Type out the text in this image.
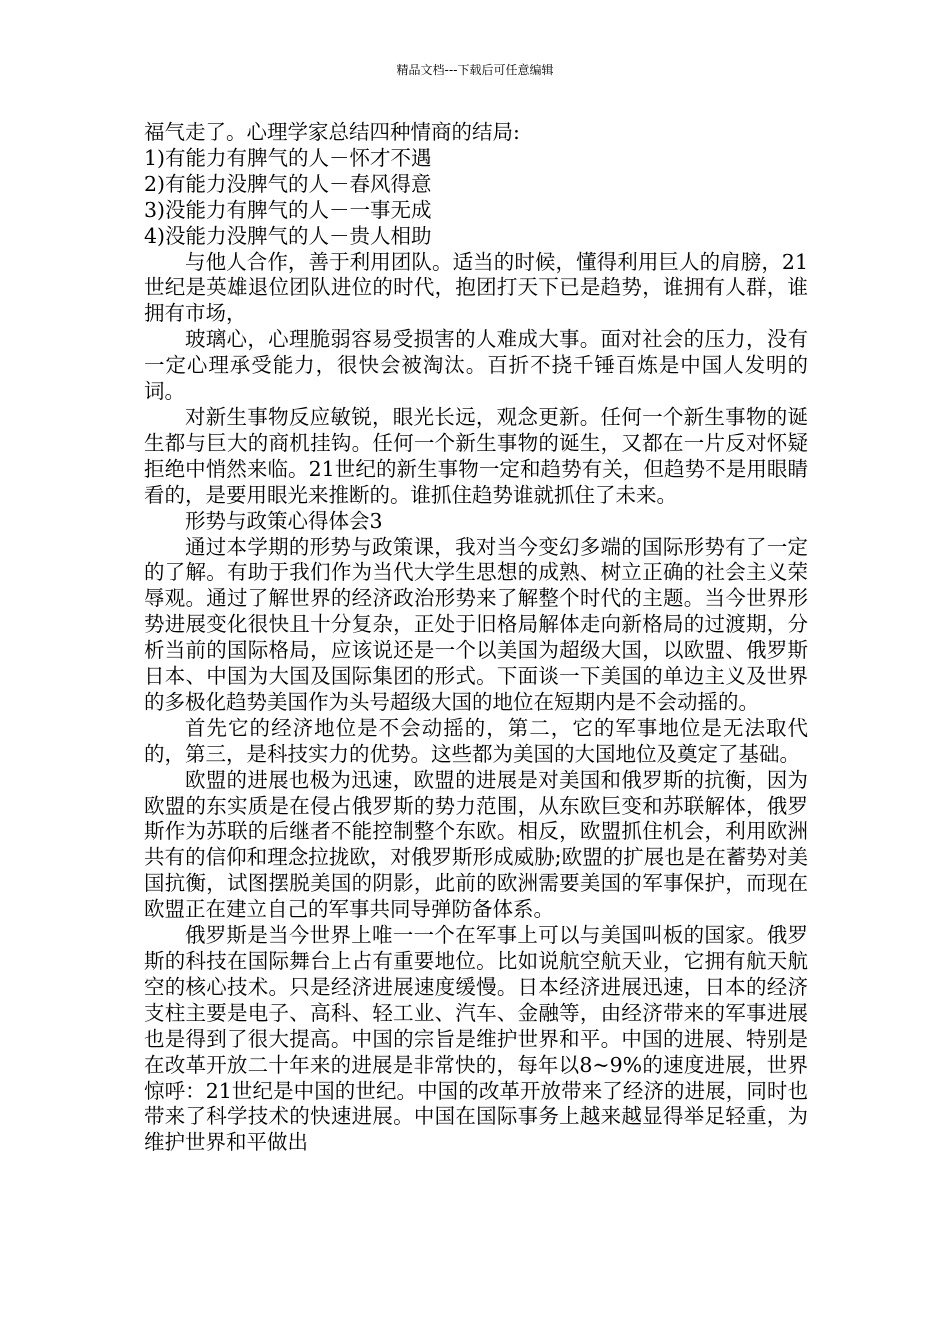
精品文档---下载后可任意编辑

福气走了。心理学家总结四种情商的结局:

1)有能力有脾气的人－怀才不遇

2)有能力没脾气的人－春风得意

3)没能力有脾气的人－一事无成

4)没能力没脾气的人－贵人相助

与他人合作，善于利用团队。适当的时候，懂得利用巨人的肩膀，21世纪是英雄退位团队进位的时代，抱团打天下已是趋势，谁拥有人群，谁拥有市场，

玻璃心，心理脆弱容易受损害的人难成大事。面对社会的压力，没有一定心理承受能力，很快会被淘汰。百折不挠千锤百炼是中国人发明的词。

对新生事物反应敏锐，眼光长远，观念更新。任何一个新生事物的诞生都与巨大的商机挂钩。任何一个新生事物的诞生，又都在一片反对怀疑拒绝中悄然来临。21世纪的新生事物一定和趋势有关，但趋势不是用眼睛看的，是要用眼光来推断的。谁抓住趋势谁就抓住了未来。

形势与政策心得体会3

通过本学期的形势与政策课，我对当今变幻多端的国际形势有了一定的了解。有助于我们作为当代大学生思想的成熟、树立正确的社会主义荣辱观。通过了解世界的经济政治形势来了解整个时代的主题。当今世界形势进展变化很快且十分复杂，正处于旧格局解体走向新格局的过渡期，分析当前的国际格局，应该说还是一个以美国为超级大国，以欧盟、俄罗斯日本、中国为大国及国际集团的形式。下面谈一下美国的单边主义及世界的多极化趋势美国作为头号超级大国的地位在短期内是不会动摇的。

首先它的经济地位是不会动摇的，第二，它的军事地位是无法取代的，第三，是科技实力的优势。这些都为美国的大国地位及奠定了基础。

欧盟的进展也极为迅速，欧盟的进展是对美国和俄罗斯的抗衡，因为欧盟的东实质是在侵占俄罗斯的势力范围，从东欧巨变和苏联解体，俄罗斯作为苏联的后继者不能控制整个东欧。相反，欧盟抓住机会，利用欧洲共有的信仰和理念拉拢欧，对俄罗斯形成威胁;欧盟的扩展也是在蓄势对美国抗衡，试图摆脱美国的阴影，此前的欧洲需要美国的军事保护，而现在欧盟正在建立自己的军事共同导弹防备体系。

俄罗斯是当今世界上唯一一个在军事上可以与美国叫板的国家。俄罗斯的科技在国际舞台上占有重要地位。比如说航空航天业，它拥有航天航空的核心技术。只是经济进展速度缓慢。日本经济进展迅速，日本的经济支柱主要是电子、高科、轻工业、汽车、金融等，由经济带来的军事进展也是得到了很大提高。中国的宗旨是维护世界和平。中国的进展、特别是在改革开放二十年来的进展是非常快的，每年以8~9%的速度进展，世界惊呼：21世纪是中国的世纪。中国的改革开放带来了经济的进展，同时也带来了科学技术的快速进展。中国在国际事务上越来越显得举足轻重，为维护世界和平做出
